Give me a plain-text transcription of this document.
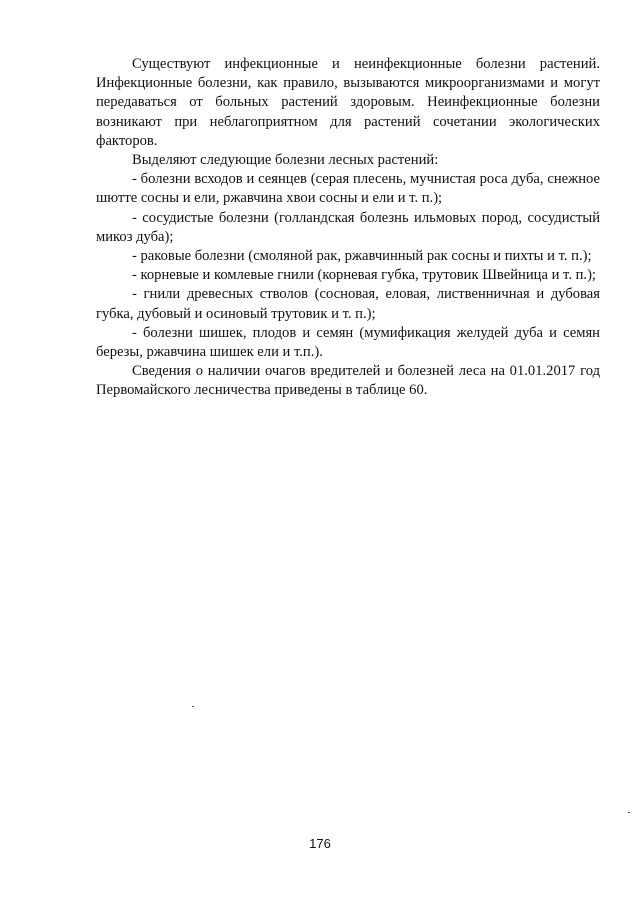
Существуют инфекционные и неинфекционные болезни растений. Инфекционные болезни, как правило, вызываются микроорганизмами и могут передаваться от больных растений здоровым. Неинфекционные болезни возникают при неблагоприятном для растений сочетании экологических факторов.

Выделяют следующие болезни лесных растений:

- болезни всходов и сеянцев (серая плесень, мучнистая роса дуба, снежное шютте сосны и ели, ржавчина хвои сосны и ели и т. п.);

- сосудистые болезни (голландская болезнь ильмовых пород, сосудистый микоз дуба);

- раковые болезни (смоляной рак, ржавчинный рак сосны и пихты и т. п.);

- корневые и комлевые гнили (корневая губка, трутовик Швейница и т. п.);

- гнили древесных стволов (сосновая, еловая, лиственничная и дубовая губка, дубовый и осиновый трутовик и т. п.);

- болезни шишек, плодов и семян (мумификация желудей дуба и семян березы, ржавчина шишек ели и т.п.).

Сведения о наличии очагов вредителей и болезней леса на 01.01.2017 год Первомайского лесничества приведены в таблице 60.

176
